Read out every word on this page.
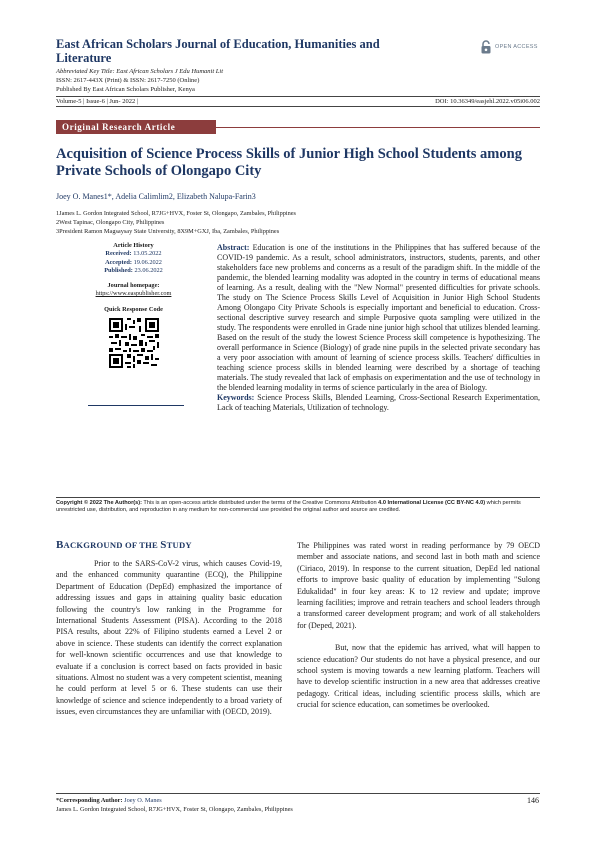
East African Scholars Journal of Education, Humanities and Literature
OPEN ACCESS
Abbreviated Key Title: East African Scholars J Edu Humanit Lit
ISSN: 2617-443X (Print) & ISSN: 2617-7250 (Online)
Published By East African Scholars Publisher, Kenya
Volume-5 | Issue-6 | Jun- 2022 |	DOI: 10.36349/easjehl.2022.v05i06.002
Original Research Article
Acquisition of Science Process Skills of Junior High School Students among Private Schools of Olongapo City
Joey O. Manes1*, Adelia Calimlim2, Elizabeth Nalupa-Farin3
1James L. Gordon Integrated School, R7JG+HVX, Foster St, Olongapo, Zambales, Philippines
2West Tapinac, Olongapo City, Philippines
3President Ramon Magsaysay State University, 8X9M+GXJ, Iba, Zambales, Philippines
Article History
Received: 13.05.2022
Accepted: 19.06.2022
Published: 23.06.2022
Journal homepage:
https://www.easpublisher.com
Quick Response Code
Abstract: Education is one of the institutions in the Philippines that has suffered because of the COVID-19 pandemic. As a result, school administrators, instructors, students, parents, and other stakeholders face new problems and concerns as a result of the paradigm shift. In the middle of the pandemic, the blended learning modality was adopted in the country in terms of educational means of learning. As a result, dealing with the "New Normal" presented difficulties for private schools. The study on The Science Process Skills Level of Acquisition in Junior High School Students Among Olongapo City Private Schools is especially important and beneficial to education. Cross-sectional descriptive survey research and simple Purposive quota sampling were utilized in the study. The respondents were enrolled in Grade nine junior high school that utilizes blended learning. Based on the result of the study the lowest Science Process skill competence is hypothesizing. The overall performance in Science (Biology) of grade nine pupils in the selected private secondary has a very poor association with amount of learning of science process skills. Teachers' difficulties in teaching science process skills in blended learning were described by a shortage of teaching materials. The study revealed that lack of emphasis on experimentation and the use of technology in the blended learning modality in terms of science particularly in the area of Biology.
Keywords: Science Process Skills, Blended Learning, Cross-Sectional Research Experimentation, Lack of teaching Materials, Utilization of technology.
Copyright © 2022 The Author(s): This is an open-access article distributed under the terms of the Creative Commons Attribution 4.0 International License (CC BY-NC 4.0) which permits unrestricted use, distribution, and reproduction in any medium for non-commercial use provided the original author and source are credited.
BACKGROUND OF THE STUDY

Prior to the SARS-CoV-2 virus, which causes Covid-19, and the enhanced community quarantine (ECQ), the Philippine Department of Education (DepEd) emphasized the importance of addressing issues and gaps in attaining quality basic education following the country's low ranking in the Programme for International Students Assessment (PISA). According to the 2018 PISA results, about 22% of Filipino students earned a Level 2 or above in science. These students can identify the correct explanation for well-known scientific occurrences and use that knowledge to evaluate if a conclusion is correct based on facts provided in basic situations. Almost no student was a very competent scientist, meaning he could perform at level 5 or 6. These students can use their knowledge of science and science independently to a broad variety of issues, even circumstances they are unfamiliar with (OECD, 2019).

The Philippines was rated worst in reading performance by 79 OECD member and associate nations, and second last in both math and science (Ciriaco, 2019). In response to the current situation, DepEd led national efforts to improve basic quality of education by implementing "Sulong Edukalidad" in four key areas: K to 12 review and update; improve learning facilities; improve and retrain teachers and school leaders through a transformed career development program; and work of all stakeholders for (Deped, 2021).

But, now that the epidemic has arrived, what will happen to science education? Our students do not have a physical presence, and our school system is moving towards a new learning platform. Teachers will have to develop scientific instruction in a new area that addresses creative pedagogy. Critical ideas, including scientific process skills, which are crucial for science education, can sometimes be overlooked.

*Corresponding Author: Joey O. Manes
James L. Gordon Integrated School, R7JG+HVX, Foster St, Olongapo, Zambales, Philippines
146
